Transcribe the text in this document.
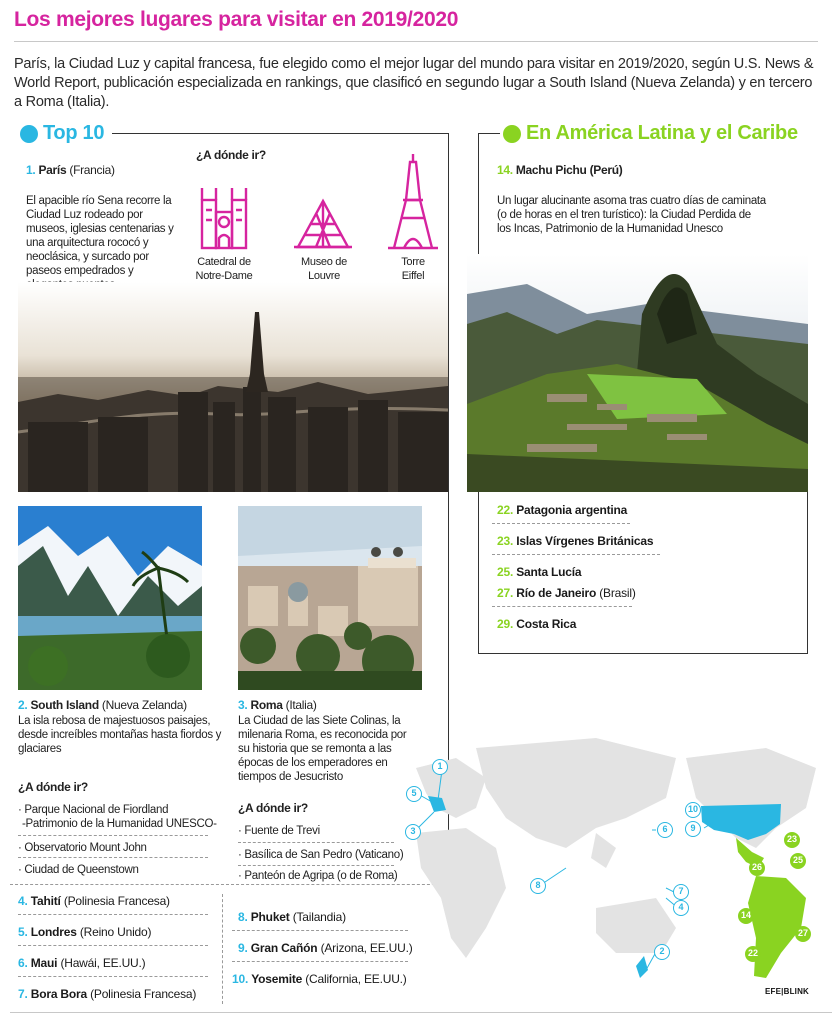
Los mejores lugares para visitar en 2019/2020
París, la Ciudad Luz y capital francesa, fue elegido como el mejor lugar del mundo para visitar en 2019/2020, según U.S. News & World Report, publicación especializada en rankings, que clasificó en segundo lugar a South Island (Nueva Zelanda) y en tercero a Roma (Italia).
Top 10	En América Latina y el Caribe
1. París (Francia)
El apacible río Sena recorre la Ciudad Luz rodeado por museos, iglesias centenarias y una arquitectura rococó y neoclásica, y surcado por paseos empedrados y
¿A dónde ir?
Catedral de Notre-Dame
Museo de Louvre
Torre Eiffel
14. Machu Pichu (Perú)
Un lugar alucinante asoma tras cuatro días de caminata (o de horas en el tren turístico): la Ciudad Perdida de los Incas, Patrimonio de la Humanidad Unesco
22. Patagonia argentina
23. Islas Vírgenes Británicas
25. Santa Lucía
27. Río de Janeiro (Brasil)
29. Costa Rica
2. South Island (Nueva Zelanda)
La isla rebosa de majestuosos paisajes, desde increíbles montañas hasta fiordos y glaciares
¿A dónde ir?
· Parque Nacional de Fiordland
-Patrimonio de la Humanidad UNESCO-
· Observatorio Mount John
· Ciudad de Queenstown
3. Roma (Italia)
La Ciudad de las Siete Colinas, la milenaria Roma, es reconocida por su historia que se remonta a las épocas de los emperadores en tiempos de Jesucristo
¿A dónde ir?
· Fuente de Trevi
· Basílica de San Pedro (Vaticano)
· Panteón de Agripa (o de Roma)
4. Tahití (Polinesia Francesa)
5. Londres (Reino Unido)
6. Maui (Hawái, EE.UU.)
7. Bora Bora (Polinesia Francesa)
8. Phuket (Tailandia)
9. Gran Cañón (Arizona, EE.UU.)
10. Yosemite (California, EE.UU.)
1
5
3
10
9
6
8
7
4
2
23
25
26
14
27
22
EFE|BLINK
